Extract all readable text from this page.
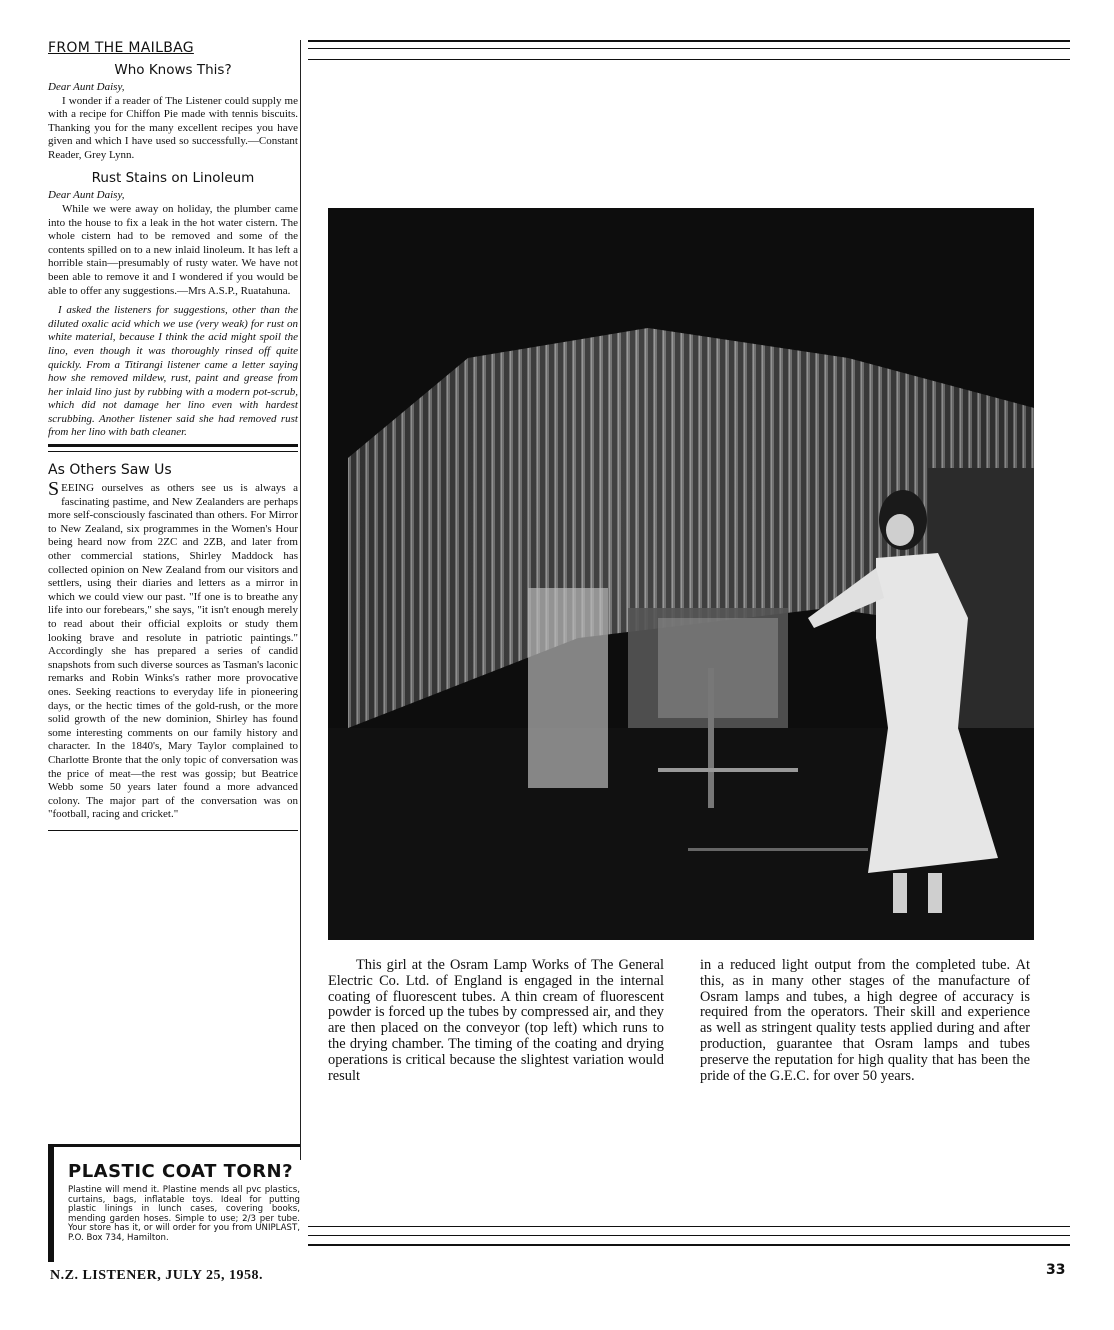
FROM THE MAILBAG
Who Knows This?
Dear Aunt Daisy,

I wonder if a reader of The Listener could supply me with a recipe for Chiffon Pie made with tennis biscuits. Thanking you for the many excellent recipes you have given and which I have used so successfully.—Constant Reader, Grey Lynn.

Rust Stains on Linoleum
Dear Aunt Daisy,

While we were away on holiday, the plumber came into the house to fix a leak in the hot water cistern. The whole cistern had to be removed and some of the contents spilled on to a new inlaid linoleum. It has left a horrible stain—presumably of rusty water. We have not been able to remove it and I wondered if you would be able to offer any suggestions.—Mrs A.S.P., Ruatahuna.

I asked the listeners for suggestions, other than the diluted oxalic acid which we use (very weak) for rust on white material, because I think the acid might spoil the lino, even though it was thoroughly rinsed off quite quickly. From a Titirangi listener came a letter saying how she removed mildew, rust, paint and grease from her inlaid lino just by rubbing with a modern pot-scrub, which did not damage her lino even with hardest scrubbing. Another listener said she had removed rust from her lino with bath cleaner.

As Others Saw Us

SEEING ourselves as others see us is always a fascinating pastime, and New Zealanders are perhaps more self-consciously fascinated than others. For Mirror to New Zealand, six programmes in the Women's Hour being heard now from 2ZC and 2ZB, and later from other commercial stations, Shirley Maddock has collected opinion on New Zealand from our visitors and settlers, using their diaries and letters as a mirror in which we could view our past. "If one is to breathe any life into our forebears," she says, "it isn't enough merely to read about their official exploits or study them looking brave and resolute in patriotic paintings." Accordingly she has prepared a series of candid snapshots from such diverse sources as Tasman's laconic remarks and Robin Winks's rather more provocative ones. Seeking reactions to everyday life in pioneering days, or the hectic times of the gold-rush, or the more solid growth of the new dominion, Shirley has found some interesting comments on our family history and character. In the 1840's, Mary Taylor complained to Charlotte Bronte that the only topic of conversation was the price of meat—the rest was gossip; but Beatrice Webb some 50 years later found a more advanced colony. The major part of the conversation was on "football, racing and cricket."

PLASTIC COAT TORN?

Plastine will mend it. Plastine mends all pvc plastics, curtains, bags, inflatable toys. Ideal for putting plastic linings in lunch cases, covering books, mending garden hoses. Simple to use; 2/3 per tube. Your store has it, or will order for you from UNIPLAST, P.O. Box 734, Hamilton.

This girl at the Osram Lamp Works of The General Electric Co. Ltd. of England is engaged in the internal coating of fluorescent tubes. A thin cream of fluorescent powder is forced up the tubes by compressed air, and they are then placed on the conveyor (top left) which runs to the drying chamber. The timing of the coating and drying operations is critical because the slightest variation would result

in a reduced light output from the completed tube. At this, as in many other stages of the manufacture of Osram lamps and tubes, a high degree of accuracy is required from the operators. Their skill and experience as well as stringent quality tests applied during and after production, guarantee that Osram lamps and tubes preserve the reputation for high quality that has been the pride of the G.E.C. for over 50 years.

N.Z. LISTENER, JULY 25, 1958.	33
